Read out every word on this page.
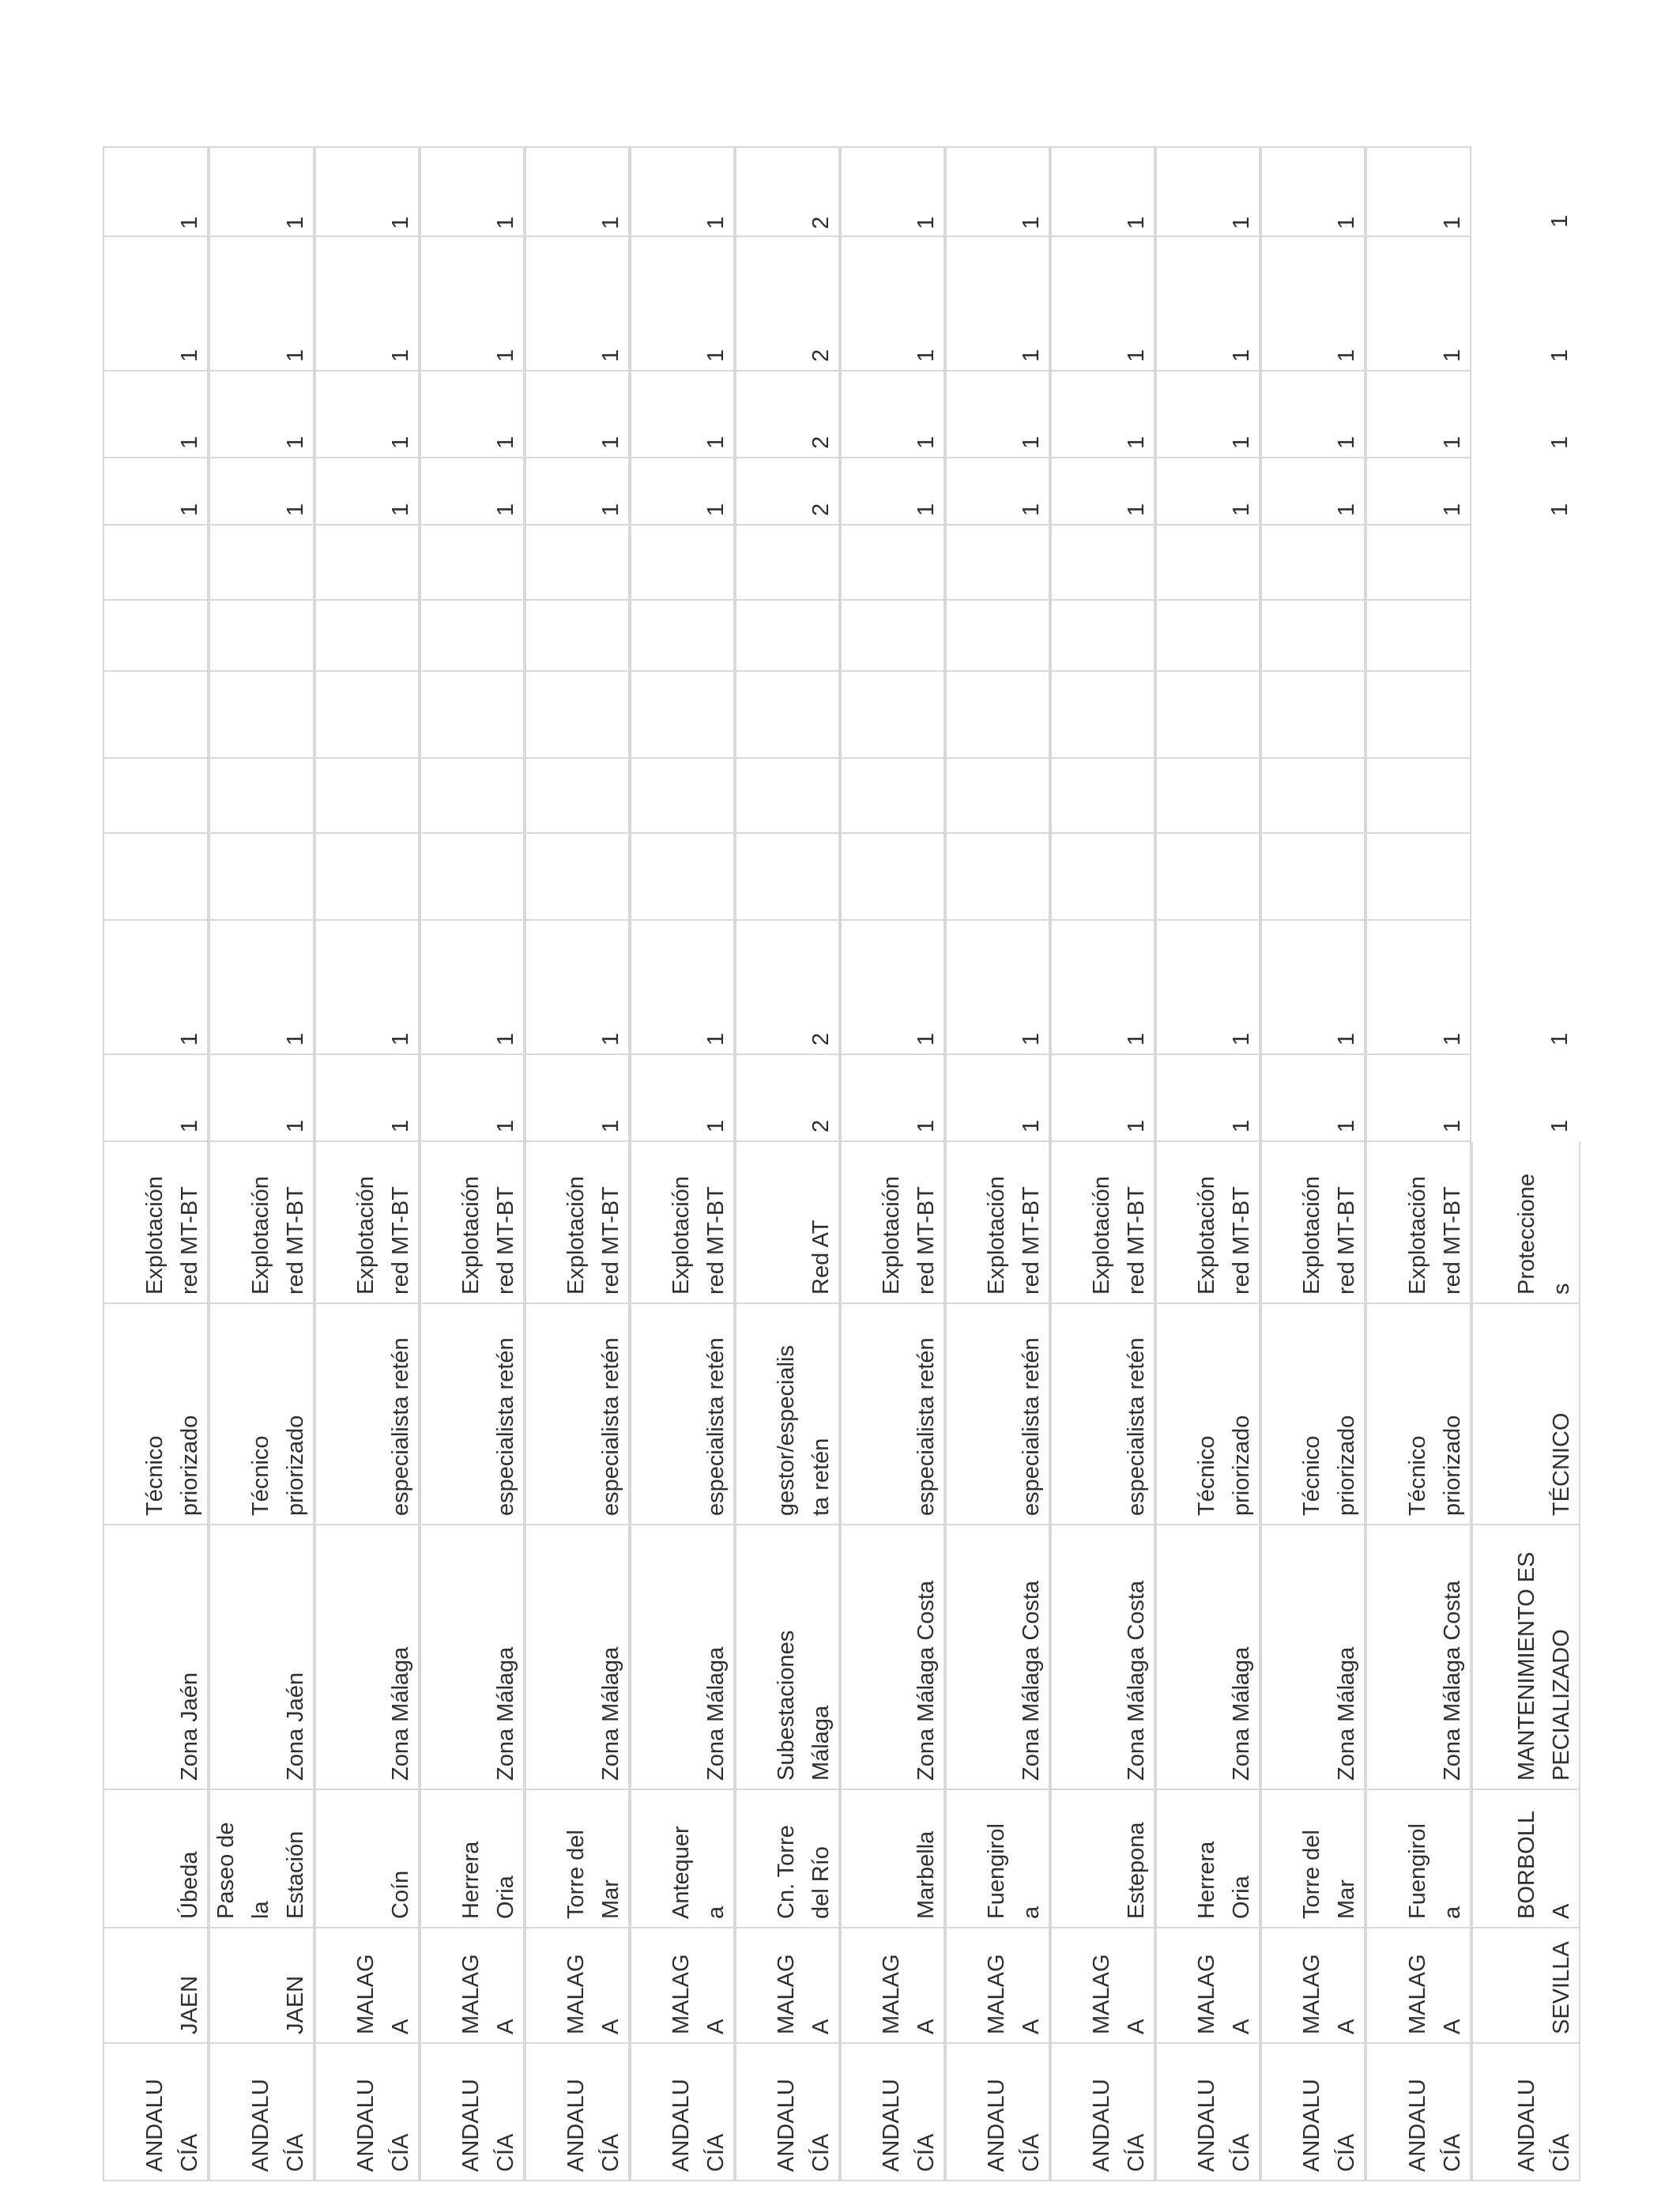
ANDALU
CÍA
JAEN
Úbeda
Zona Jaén
Técnico
priorizado
Explotación
red MT-BT
1
1
1
1
1
1
ANDALU
CÍA
JAEN
Paseo de
la
Estación
Zona Jaén
Técnico
priorizado
Explotación
red MT-BT
1
1
1
1
1
1
ANDALU
CÍA
MALAG
A
Coín
Zona Málaga
especialista retén
Explotación
red MT-BT
1
1
1
1
1
1
ANDALU
CÍA
MALAG
A
Herrera
Oria
Zona Málaga
especialista retén
Explotación
red MT-BT
1
1
1
1
1
1
ANDALU
CÍA
MALAG
A
Torre del
Mar
Zona Málaga
especialista retén
Explotación
red MT-BT
1
1
1
1
1
1
ANDALU
CÍA
MALAG
A
Antequer
a
Zona Málaga
especialista retén
Explotación
red MT-BT
1
1
1
1
1
1
ANDALU
CÍA
MALAG
A
Cn. Torre
del Río
Subestaciones
Málaga
gestor/especialis
ta retén
Red AT
2
2
2
2
2
2
ANDALU
CÍA
MALAG
A
Marbella
Zona Málaga Costa
especialista retén
Explotación
red MT-BT
1
1
1
1
1
1
ANDALU
CÍA
MALAG
A
Fuengirol
a
Zona Málaga Costa
especialista retén
Explotación
red MT-BT
1
1
1
1
1
1
ANDALU
CÍA
MALAG
A
Estepona
Zona Málaga Costa
especialista retén
Explotación
red MT-BT
1
1
1
1
1
1
ANDALU
CÍA
MALAG
A
Herrera
Oria
Zona Málaga
Técnico
priorizado
Explotación
red MT-BT
1
1
1
1
1
1
ANDALU
CÍA
MALAG
A
Torre del
Mar
Zona Málaga
Técnico
priorizado
Explotación
red MT-BT
1
1
1
1
1
1
ANDALU
CÍA
MALAG
A
Fuengirol
a
Zona Málaga Costa
Técnico
priorizado
Explotación
red MT-BT
1
1
1
1
1
1
ANDALU
CÍA
SEVILLA
BORBOLL
A
MANTENIMIENTO ES
PECIALIZADO
TÉCNICO
Proteccione
s
1
1
1
1
1
1
